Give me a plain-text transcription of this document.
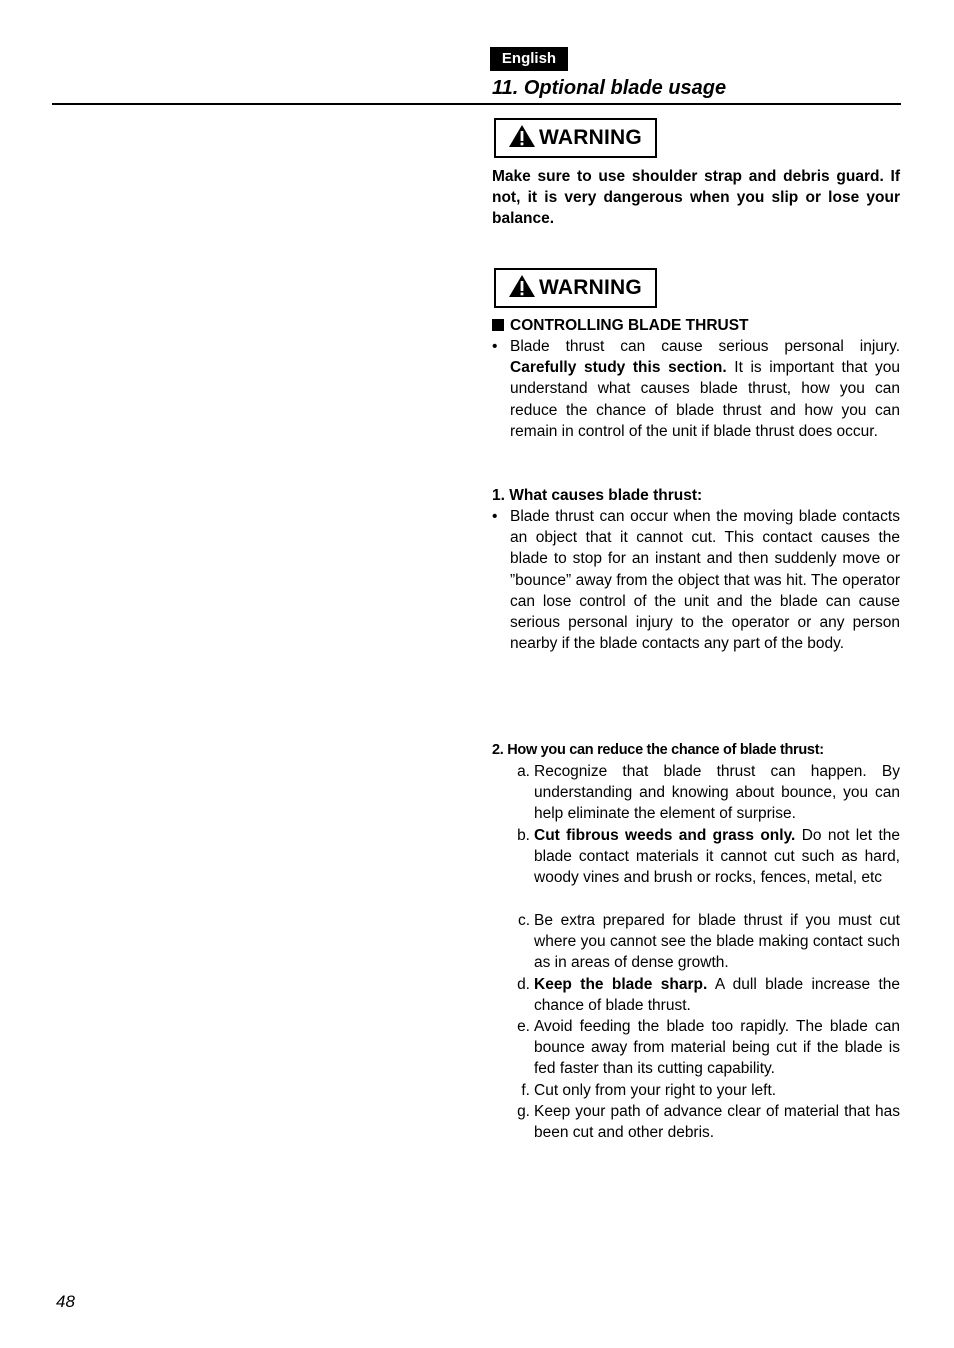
English
11. Optional blade usage
WARNING
Make sure to use shoulder strap and debris guard. If not, it is very dangerous when you slip or lose your balance.
WARNING
CONTROLLING BLADE THRUST
• Blade thrust can cause serious personal injury. Carefully study this section. It is important that you understand what causes blade thrust, how you can reduce the chance of blade thrust and how you can remain in control of the unit if blade thrust does occur.
1. What causes blade thrust:
• Blade thrust can occur when the moving blade contacts an object that it cannot cut. This contact causes the blade to stop for an instant and then suddenly move or ”bounce” away from the object that was hit. The operator can lose control of the unit and the blade can cause serious personal injury to the operator or any person nearby if the blade contacts any part of the body.
2. How you can reduce the chance of blade thrust:
a. Recognize that blade thrust can happen. By understanding and knowing about bounce, you can help eliminate the element of surprise.
b. Cut fibrous weeds and grass only. Do not let the blade contact materials it cannot cut such as hard, woody vines and brush or rocks, fences, metal, etc
c. Be extra prepared for blade thrust if you must cut where you cannot see the blade making contact such as in areas of dense growth.
d. Keep the blade sharp. A dull blade increase the chance of blade thrust.
e. Avoid feeding the blade too rapidly. The blade can bounce away from material being cut if the blade is fed faster than its cutting capability.
f. Cut only from your right to your left.
g. Keep your path of advance clear of material that has been cut and other debris.
48
